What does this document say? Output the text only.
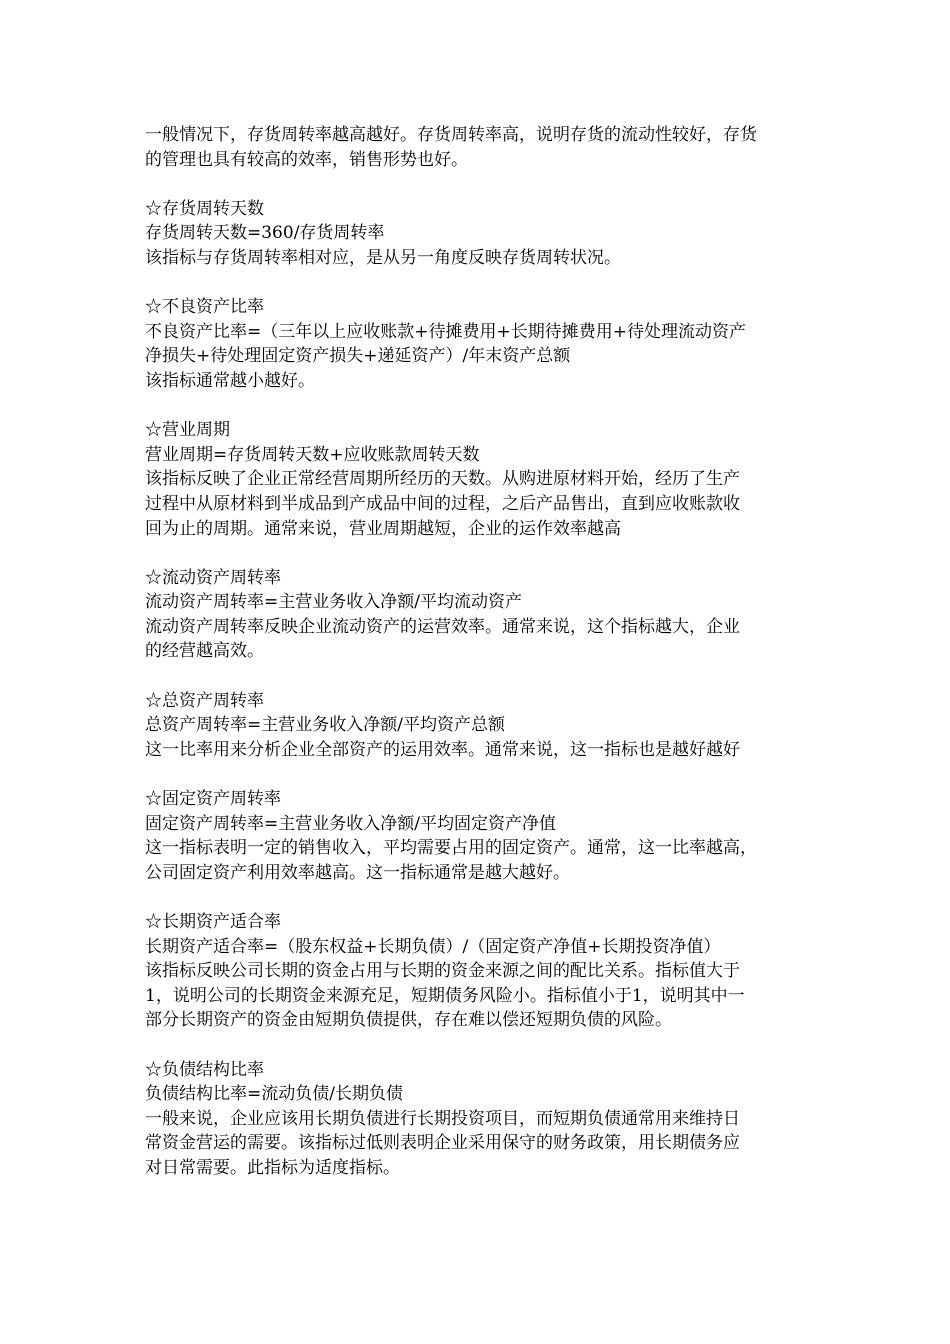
一般情况下，存货周转率越高越好。存货周转率高，说明存货的流动性较好，存货

的管理也具有较高的效率，销售形势也好。

☆存货周转天数

存货周转天数=360/存货周转率

该指标与存货周转率相对应，是从另一角度反映存货周转状况。

☆不良资产比率

不良资产比率=（三年以上应收账款+待摊费用+长期待摊费用+待处理流动资产

净损失+待处理固定资产损失+递延资产）/年末资产总额

该指标通常越小越好。

☆营业周期

营业周期=存货周转天数+应收账款周转天数

该指标反映了企业正常经营周期所经历的天数。从购进原材料开始，经历了生产

过程中从原材料到半成品到产成品中间的过程，之后产品售出，直到应收账款收

回为止的周期。通常来说，营业周期越短，企业的运作效率越高

☆流动资产周转率

流动资产周转率=主营业务收入净额/平均流动资产

流动资产周转率反映企业流动资产的运营效率。通常来说，这个指标越大，企业

的经营越高效。

☆总资产周转率

总资产周转率=主营业务收入净额/平均资产总额

这一比率用来分析企业全部资产的运用效率。通常来说，这一指标也是越好越好

☆固定资产周转率

固定资产周转率=主营业务收入净额/平均固定资产净值

这一指标表明一定的销售收入，平均需要占用的固定资产。通常，这一比率越高，

公司固定资产利用效率越高。这一指标通常是越大越好。

☆长期资产适合率

长期资产适合率=（股东权益+长期负债）/（固定资产净值+长期投资净值）

该指标反映公司长期的资金占用与长期的资金来源之间的配比关系。指标值大于

1，说明公司的长期资金来源充足，短期债务风险小。指标值小于1，说明其中一

部分长期资产的资金由短期负债提供，存在难以偿还短期负债的风险。

☆负债结构比率

负债结构比率=流动负债/长期负债

一般来说，企业应该用长期负债进行长期投资项目，而短期负债通常用来维持日

常资金营运的需要。该指标过低则表明企业采用保守的财务政策，用长期债务应

对日常需要。此指标为适度指标。
